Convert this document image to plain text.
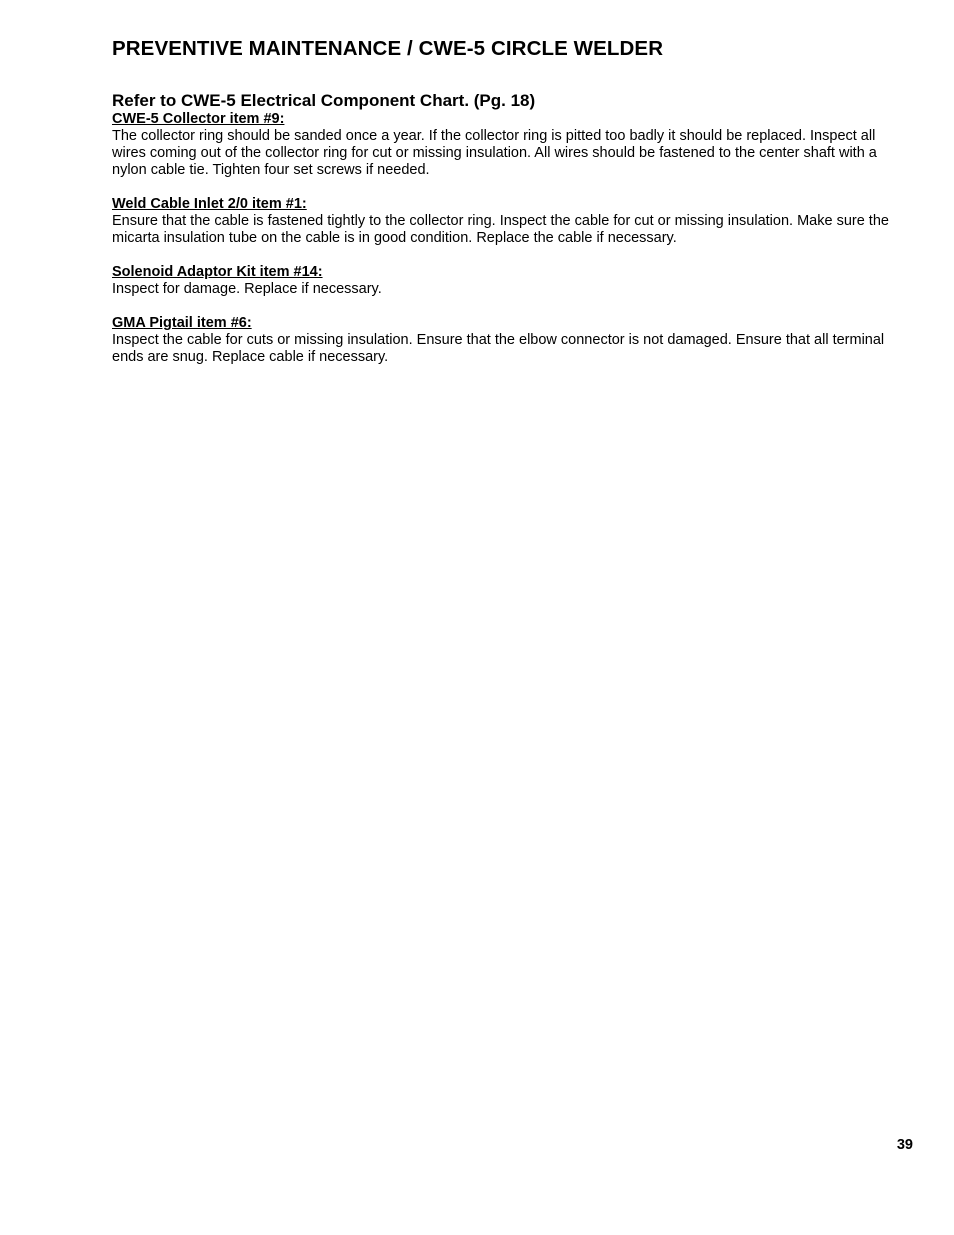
PREVENTIVE MAINTENANCE / CWE-5 CIRCLE WELDER
Refer to CWE-5 Electrical Component Chart. (Pg. 18)
CWE-5 Collector item #9:

The collector ring should be sanded once a year. If the collector ring is pitted too badly it should be replaced. Inspect all wires coming out of the collector ring for cut or missing insulation. All wires should be fastened to the center shaft with a nylon cable tie. Tighten four set screws if needed.

Weld Cable Inlet 2/0 item #1:

Ensure that the cable is fastened tightly to the collector ring. Inspect the cable for cut or missing insulation. Make sure the micarta insulation tube on the cable is in good condition. Replace the cable if necessary.

Solenoid Adaptor Kit item #14:

Inspect for damage. Replace if necessary.

GMA Pigtail item #6:

Inspect the cable for cuts or missing insulation. Ensure that the elbow connector is not damaged. Ensure that all terminal ends are snug. Replace cable if necessary.

39
